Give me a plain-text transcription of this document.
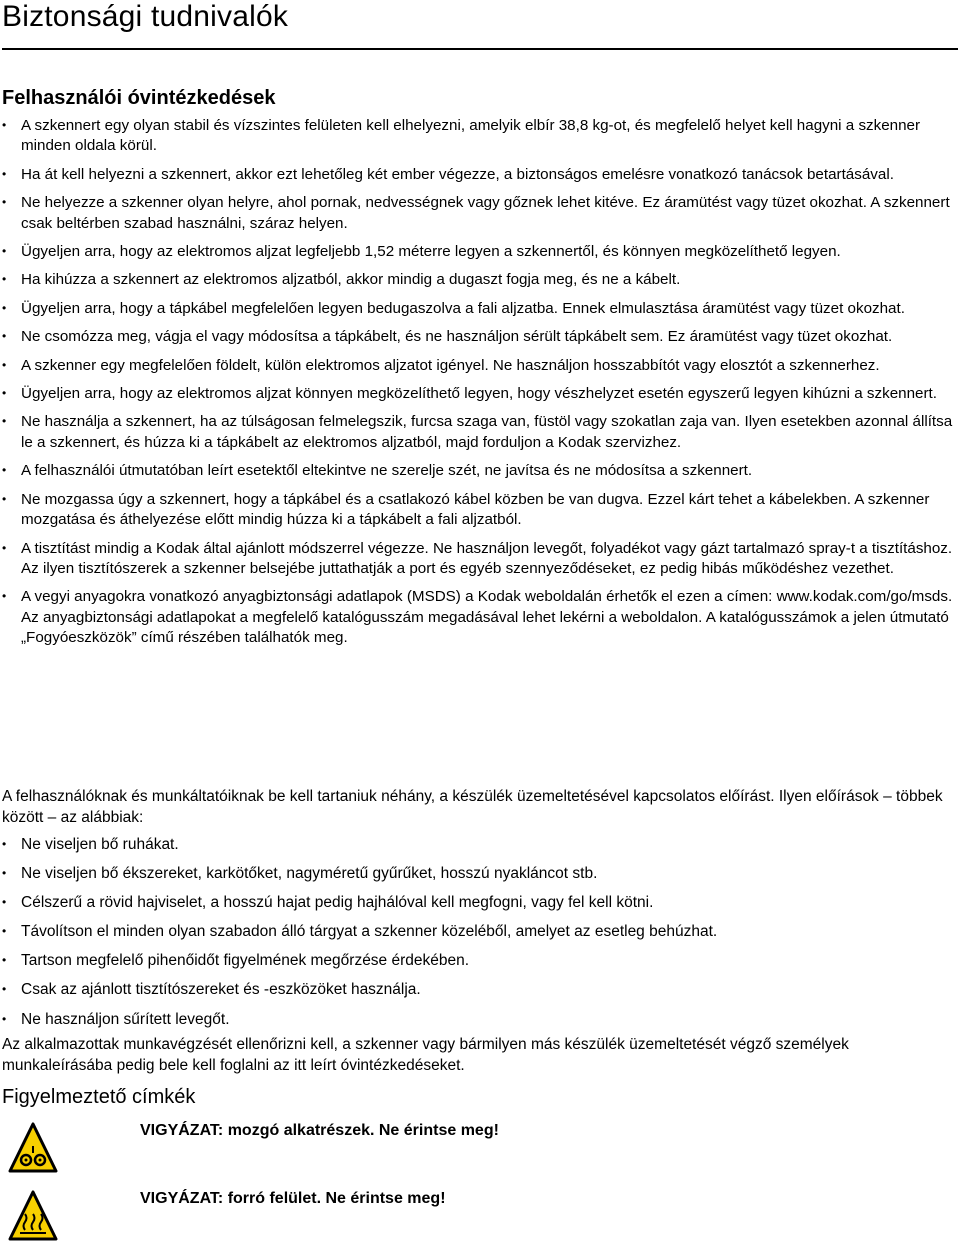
Biztonsági tudnivalók
Felhasználói óvintézkedések
• A szkennert egy olyan stabil és vízszintes felületen kell elhelyezni, amelyik elbír 38,8 kg-ot, és megfelelő helyet kell hagyni a szkenner minden oldala körül.
• Ha át kell helyezni a szkennert, akkor ezt lehetőleg két ember végezze, a biztonságos emelésre vonatkozó tanácsok betartásával.
• Ne helyezze a szkenner olyan helyre, ahol pornak, nedvességnek vagy gőznek lehet kitéve. Ez áramütést vagy tüzet okozhat. A szkennert csak beltérben szabad használni, száraz helyen.
• Ügyeljen arra, hogy az elektromos aljzat legfeljebb 1,52 méterre legyen a szkennertől, és könnyen megközelíthető legyen.
• Ha kihúzza a szkennert az elektromos aljzatból, akkor mindig a dugaszt fogja meg, és ne a kábelt.
• Ügyeljen arra, hogy a tápkábel megfelelően legyen bedugaszolva a fali aljzatba. Ennek elmulasztása áramütést vagy tüzet okozhat.
• Ne csomózza meg, vágja el vagy módosítsa a tápkábelt, és ne használjon sérült tápkábelt sem. Ez áramütést vagy tüzet okozhat.
• A szkenner egy megfelelően földelt, külön elektromos aljzatot igényel. Ne használjon hosszabbítót vagy elosztót a szkennerhez.
• Ügyeljen arra, hogy az elektromos aljzat könnyen megközelíthető legyen, hogy vészhelyzet esetén egyszerű legyen kihúzni a szkennert.
• Ne használja a szkennert, ha az túlságosan felmelegszik, furcsa szaga van, füstöl vagy szokatlan zaja van. Ilyen esetekben azonnal állítsa le a szkennert, és húzza ki a tápkábelt az elektromos aljzatból, majd forduljon a Kodak szervizhez.
• A felhasználói útmutatóban leírt esetektől eltekintve ne szerelje szét, ne javítsa és ne módosítsa a szkennert.
• Ne mozgassa úgy a szkennert, hogy a tápkábel és a csatlakozó kábel közben be van dugva. Ezzel kárt tehet a kábelekben. A szkenner mozgatása és áthelyezése előtt mindig húzza ki a tápkábelt a fali aljzatból.
• A tisztítást mindig a Kodak által ajánlott módszerrel végezze. Ne használjon levegőt, folyadékot vagy gázt tartalmazó spray-t a tisztításhoz. Az ilyen tisztítószerek a szkenner belsejébe juttathatják a port és egyéb szennyeződéseket, ez pedig hibás működéshez vezethet.
• A vegyi anyagokra vonatkozó anyagbiztonsági adatlapok (MSDS) a Kodak weboldalán érhetők el ezen a címen: www.kodak.com/go/msds. Az anyagbiztonsági adatlapokat a megfelelő katalógusszám megadásával lehet lekérni a weboldalon. A katalógusszámok a jelen útmutató „Fogyóeszközök” című részében találhatók meg.

A felhasználóknak és munkáltatóiknak be kell tartaniuk néhány, a készülék üzemeltetésével kapcsolatos előírást. Ilyen előírások – többek között – az alábbiak:

• Ne viseljen bő ruhákat.
• Ne viseljen bő ékszereket, karkötőket, nagyméretű gyűrűket, hosszú nyakláncot stb.
• Célszerű a rövid hajviselet, a hosszú hajat pedig hajhálóval kell megfogni, vagy fel kell kötni.
• Távolítson el minden olyan szabadon álló tárgyat a szkenner közeléből, amelyet az esetleg behúzhat.
• Tartson megfelelő pihenőidőt figyelmének megőrzése érdekében.
• Csak az ajánlott tisztítószereket és -eszközöket használja.
• Ne használjon sűrített levegőt.

Az alkalmazottak munkavégzését ellenőrizni kell, a szkenner vagy bármilyen más készülék üzemeltetését végző személyek munkaleírásába pedig bele kell foglalni az itt leírt óvintézkedéseket.

Figyelmeztető címkék
VIGYÁZAT: mozgó alkatrészek. Ne érintse meg!
VIGYÁZAT: forró felület. Ne érintse meg!
